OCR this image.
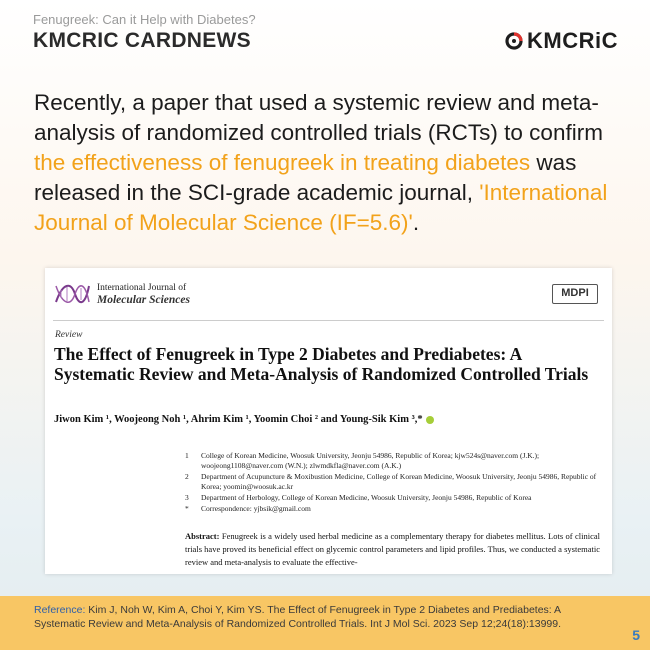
Fenugreek: Can it Help with Diabetes?
KMCRIC CARDNEWS	KMCRiC
Recently, a paper that used a systemic review and meta-analysis of randomized controlled trials (RCTs) to confirm the effectiveness of fenugreek in treating diabetes was released in the SCI-grade academic journal, 'International Journal of Molecular Science (IF=5.6)'.
International Journal of
Molecular Sciences
MDPI
Review
The Effect of Fenugreek in Type 2 Diabetes and Prediabetes: A Systematic Review and Meta-Analysis of Randomized Controlled Trials
Jiwon Kim ¹, Woojeong Noh ¹, Ahrim Kim ¹, Yoomin Choi ² and Young-Sik Kim ³,*
1	College of Korean Medicine, Woosuk University, Jeonju 54986, Republic of Korea; kjw524s@naver.com (J.K.); woojeong1108@naver.com (W.N.); zlwmdkfla@naver.com (A.K.)
2	Department of Acupuncture & Moxibustion Medicine, College of Korean Medicine, Woosuk University, Jeonju 54986, Republic of Korea; yoomin@woosuk.ac.kr
3	Department of Herbology, College of Korean Medicine, Woosuk University, Jeonju 54986, Republic of Korea
*	Correspondence: yjbsik@gmail.com
Abstract: Fenugreek is a widely used herbal medicine as a complementary therapy for diabetes mellitus. Lots of clinical trials have proved its beneficial effect on glycemic control parameters and lipid profiles. Thus, we conducted a systematic review and meta-analysis to evaluate the effective-
Reference: Kim J, Noh W, Kim A, Choi Y, Kim YS. The Effect of Fenugreek in Type 2 Diabetes and Prediabetes: A Systematic Review and Meta-Analysis of Randomized Controlled Trials. Int J Mol Sci. 2023 Sep 12;24(18):13999.
5
